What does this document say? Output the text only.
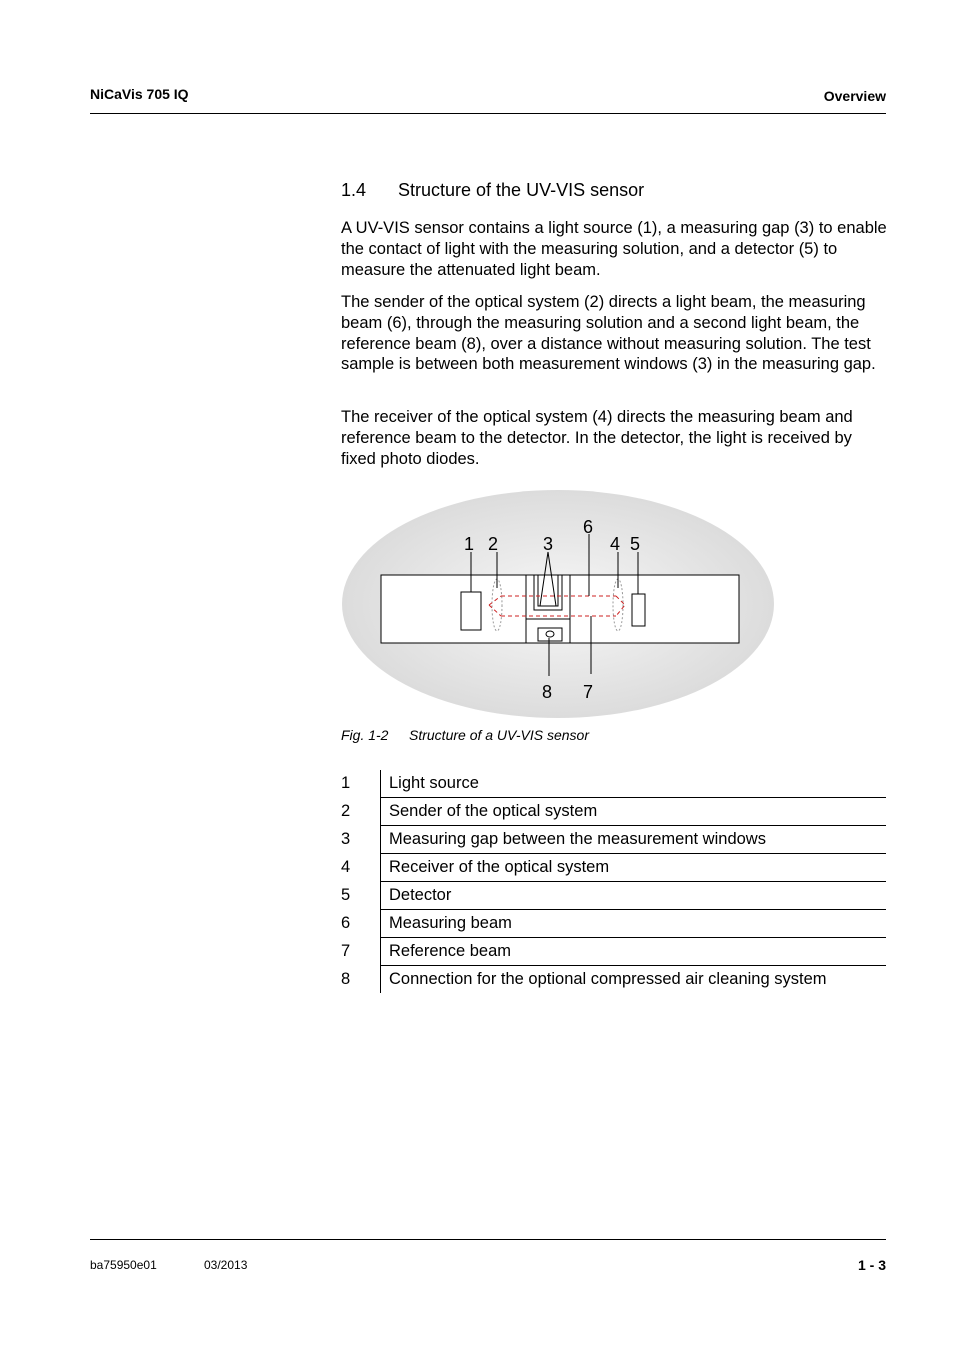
NiCaVis 705 IQ	Overview
1.4 Structure of the UV-VIS sensor
A UV-VIS sensor contains a light source (1), a measuring gap (3) to enable the contact of light with the measuring solution, and a detector (5) to measure the attenuated light beam.
The sender of the optical system (2) directs a light beam, the measuring beam (6), through the measuring solution and a second light beam, the reference beam (8), over a distance without measuring solution. The test sample is between both measurement windows (3) in the measuring gap.
The receiver of the optical system (4) directs the measuring beam and reference beam to the detector. In the detector, the light is received by fixed photo diodes.
1 2 3
6
4 5
8 7
Fig. 1-2 Structure of a UV-VIS sensor
1	Light source
2	Sender of the optical system
3	Measuring gap between the measurement windows
4	Receiver of the optical system
5	Detector
6	Measuring beam
7	Reference beam
8	Connection for the optional compressed air cleaning system
ba75950e01	03/2013	1 - 3
